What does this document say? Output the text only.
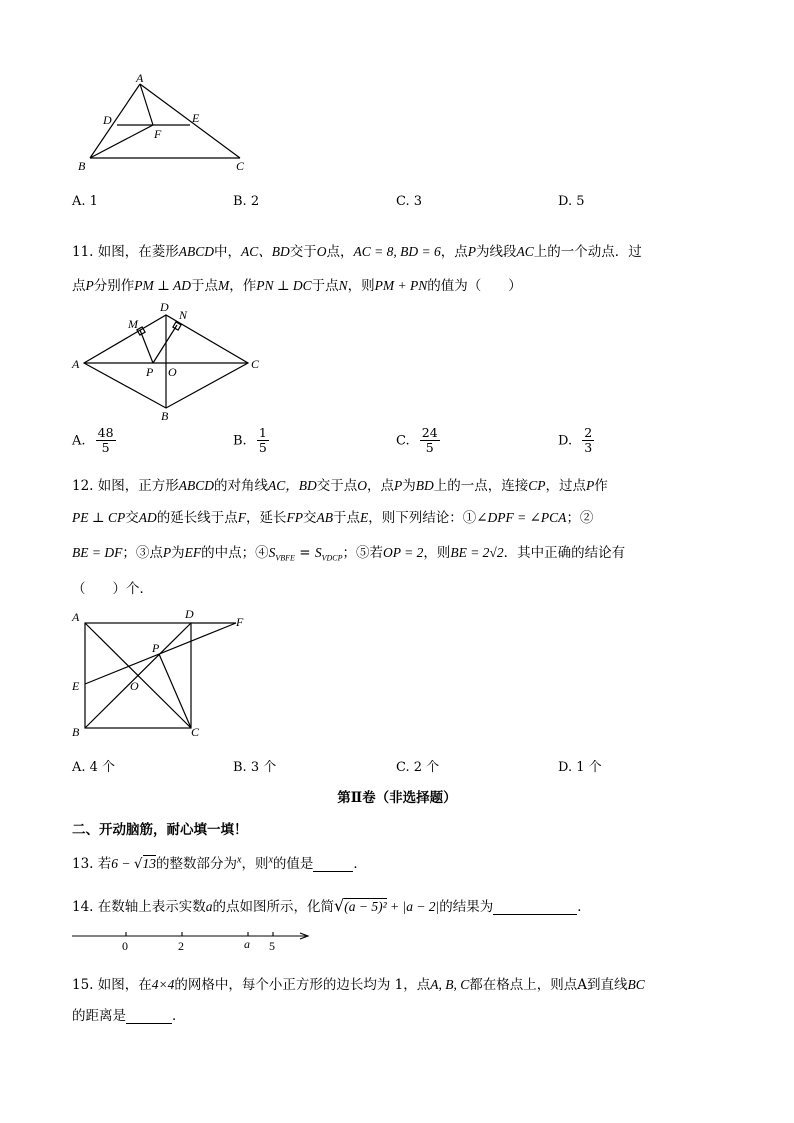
A
D	E
F
B	C
A. 1	B. 2	C. 3	D. 5
11. 如图，在菱形ABCD中，AC、BD交于O点，AC = 8, BD = 6，点P为线段AC上的一个动点．过
点P分别作PM ⊥ AD于点M，作PN ⊥ DC于点N，则PM + PN的值为（　　）
A
D
N
M
C
P O
B
A. $\frac{48}{5}$	B. $\frac{1}{5}$	C. $\frac{24}{5}$	D. $\frac{2}{3}$
12. 如图，正方形ABCD的对角线AC，BD交于点O，点P为BD上的一点，连接CP，过点P作
PE ⊥ CP交AD的延长线于点F，延长FP交AB于点E，则下列结论：①∠DPF = ∠PCA；②
BE = DF；③点P为EF的中点；$④S_{VBFE} = S_{VDCP}$；⑤若OP = 2，则BE = 2√2．其中正确的结论有
（　　）个．
A	D
F
P
E	O
B	C
A. 4 个	B. 3 个	C. 2 个	D. 1 个
第Ⅱ卷（非选择题）
二、开动脑筋，耐心填一填！
13. 若6 − √13的整数部分为$^x$，则$^x$的值是	．
14. 在数轴上表示实数a的点如图所示，化简√(a − 5)² + |a − 2|的结果为	．
0	2	a 5
15. 如图，在4×4的网格中，每个小正方形的边长均为 1，点A, B, C都在格点上，则点A到直线BC
的距离是	．
